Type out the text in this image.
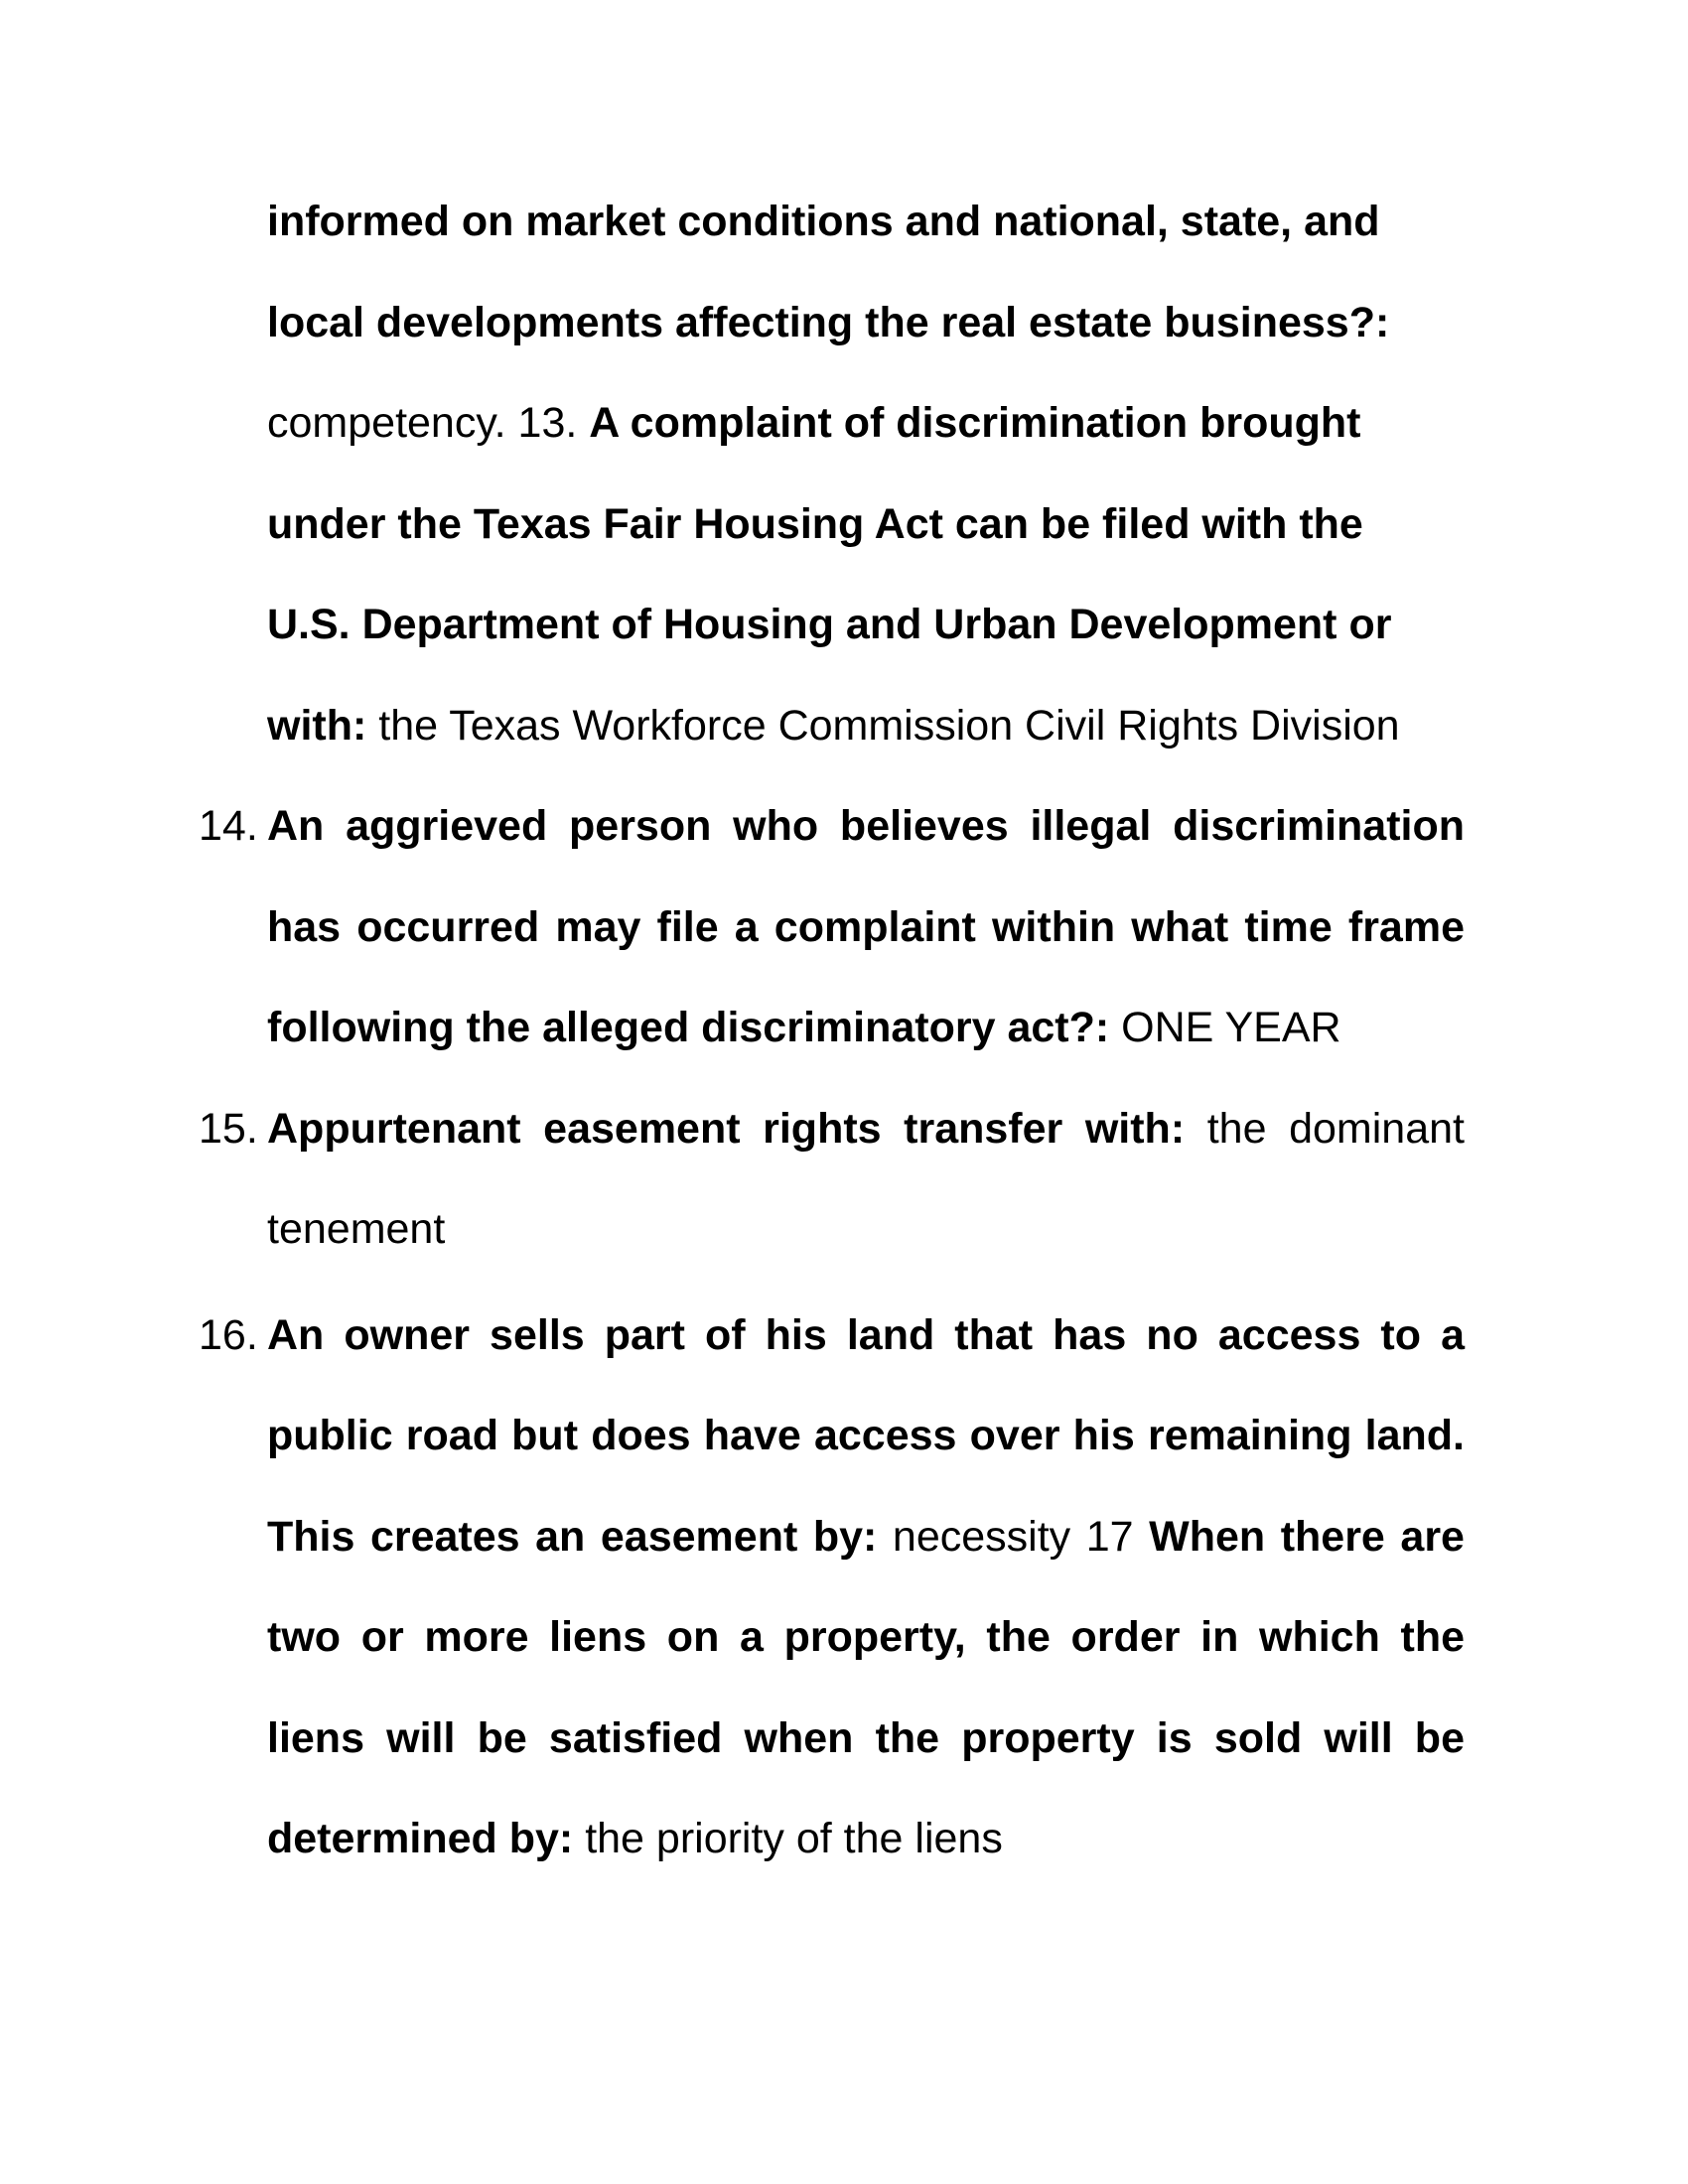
informed on market conditions and national, state, and
local developments affecting the real estate business?:
competency. 13. A complaint of discrimination brought
under the Texas Fair Housing Act can be filed with the
U.S. Department of Housing and Urban Development or
with: the Texas Workforce Commission Civil Rights Division
14. An aggrieved person who believes illegal discrimination
has occurred may file a complaint within what time frame
following the alleged discriminatory act?: ONE YEAR
15. Appurtenant easement rights transfer with: the dominant
tenement
16. An owner sells part of his land that has no access to a
public road but does have access over his remaining land.
This creates an easement by: necessity 17 When there are
two or more liens on a property, the order in which the
liens will be satisfied when the property is sold will be
determined by: the priority of the liens
